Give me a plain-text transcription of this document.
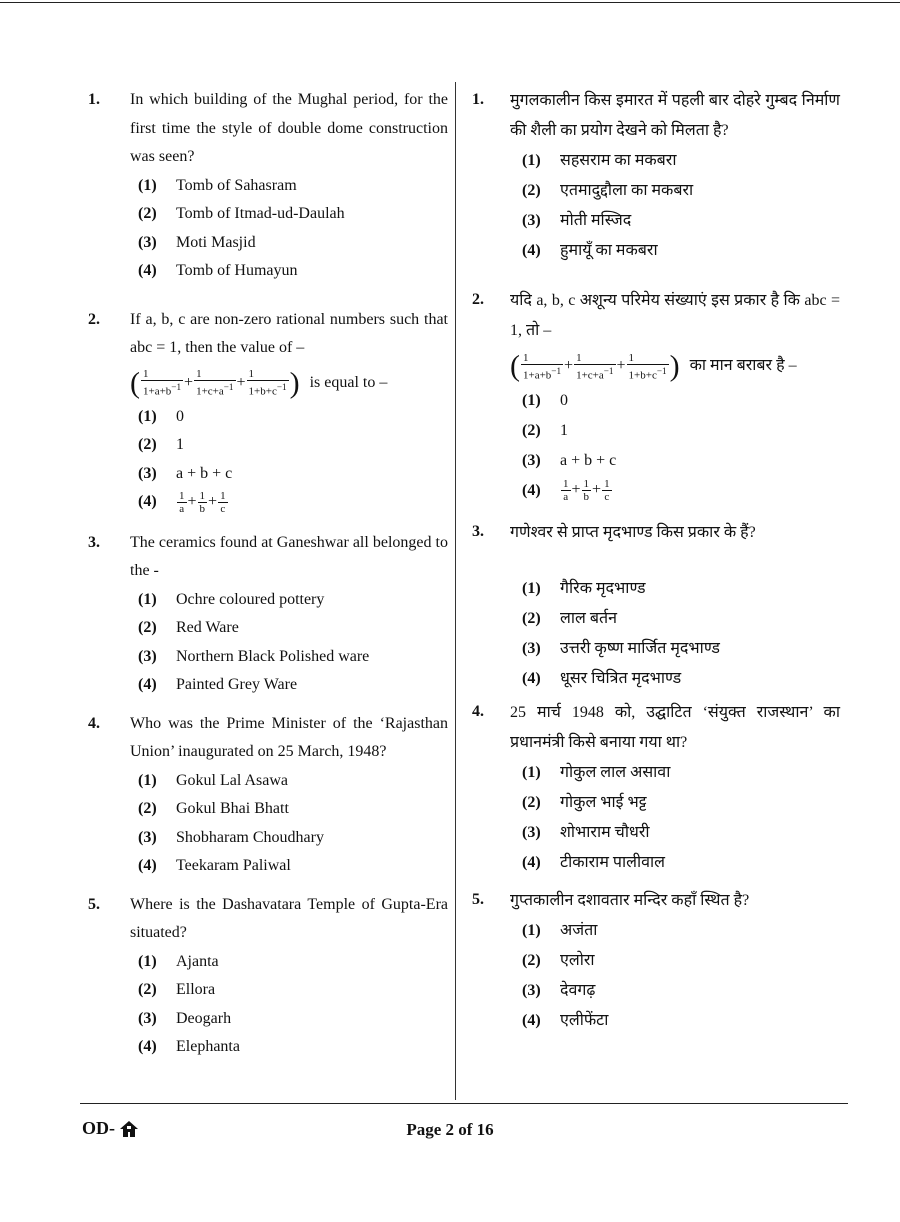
1. In which building of the Mughal period, for the first time the style of double dome construction was seen?
(1)	Tomb of Sahasram
(2)	Tomb of Itmad-ud-Daulah
(3)	Moti Masjid
(4)	Tomb of Humayun
2. If a, b, c are non-zero rational numbers such that abc = 1, then the value of –
( $\frac{1}{1+a+b^{-1}} + \frac{1}{1+c+a^{-1}} + \frac{1}{1+b+c^{-1}}$ ) is equal to –
(1)	0
(2)	1
(3)	a + b + c
(4)	$\frac{1}{a} + \frac{1}{b} + \frac{1}{c}$
3. The ceramics found at Ganeshwar all belonged to the -
(1)	Ochre coloured pottery
(2)	Red Ware
(3)	Northern Black Polished ware
(4)	Painted Grey Ware
4. Who was the Prime Minister of the ‘Rajasthan Union’ inaugurated on 25 March, 1948?
(1)	Gokul Lal Asawa
(2)	Gokul Bhai Bhatt
(3)	Shobharam Choudhary
(4)	Teekaram Paliwal
5. Where is the Dashavatara Temple of Gupta-Era situated?
(1)	Ajanta
(2)	Ellora
(3)	Deogarh
(4)	Elephanta
1. मुगलकालीन किस इमारत में पहली बार दोहरे गुम्बद निर्माण की शैली का प्रयोग देखने को मिलता है?
(1)	सहसराम का मकबरा
(2)	एतमादुद्दौला का मकबरा
(3)	मोती मस्जिद
(4)	हुमायूँ का मकबरा
2. यदि a, b, c अशून्य परिमेय संख्याएं इस प्रकार है कि abc = 1, तो –
( $\frac{1}{1+a+b^{-1}} + \frac{1}{1+c+a^{-1}} + \frac{1}{1+b+c^{-1}}$ ) का मान बराबर है –
(1)	0
(2)	1
(3)	a + b + c
(4)	$\frac{1}{a} + \frac{1}{b} + \frac{1}{c}$
3. गणेश्वर से प्राप्त मृदभाण्ड किस प्रकार के हैं?
(1)	गैरिक मृदभाण्ड
(2)	लाल बर्तन
(3)	उत्तरी कृष्ण मार्जित मृदभाण्ड
(4)	धूसर चित्रित मृदभाण्ड
4. 25 मार्च 1948 को, उद्घाटित ‘संयुक्त राजस्थान’ का प्रधानमंत्री किसे बनाया गया था?
(1)	गोकुल लाल असावा
(2)	गोकुल भाई भट्ट
(3)	शोभाराम चौधरी
(4)	टीकाराम पालीवाल
5. गुप्तकालीन दशावतार मन्दिर कहाँ स्थित है?
(1)	अजंता
(2)	एलोरा
(3)	देवगढ़
(4)	एलीफेंटा
OD-	Page 2 of 16
